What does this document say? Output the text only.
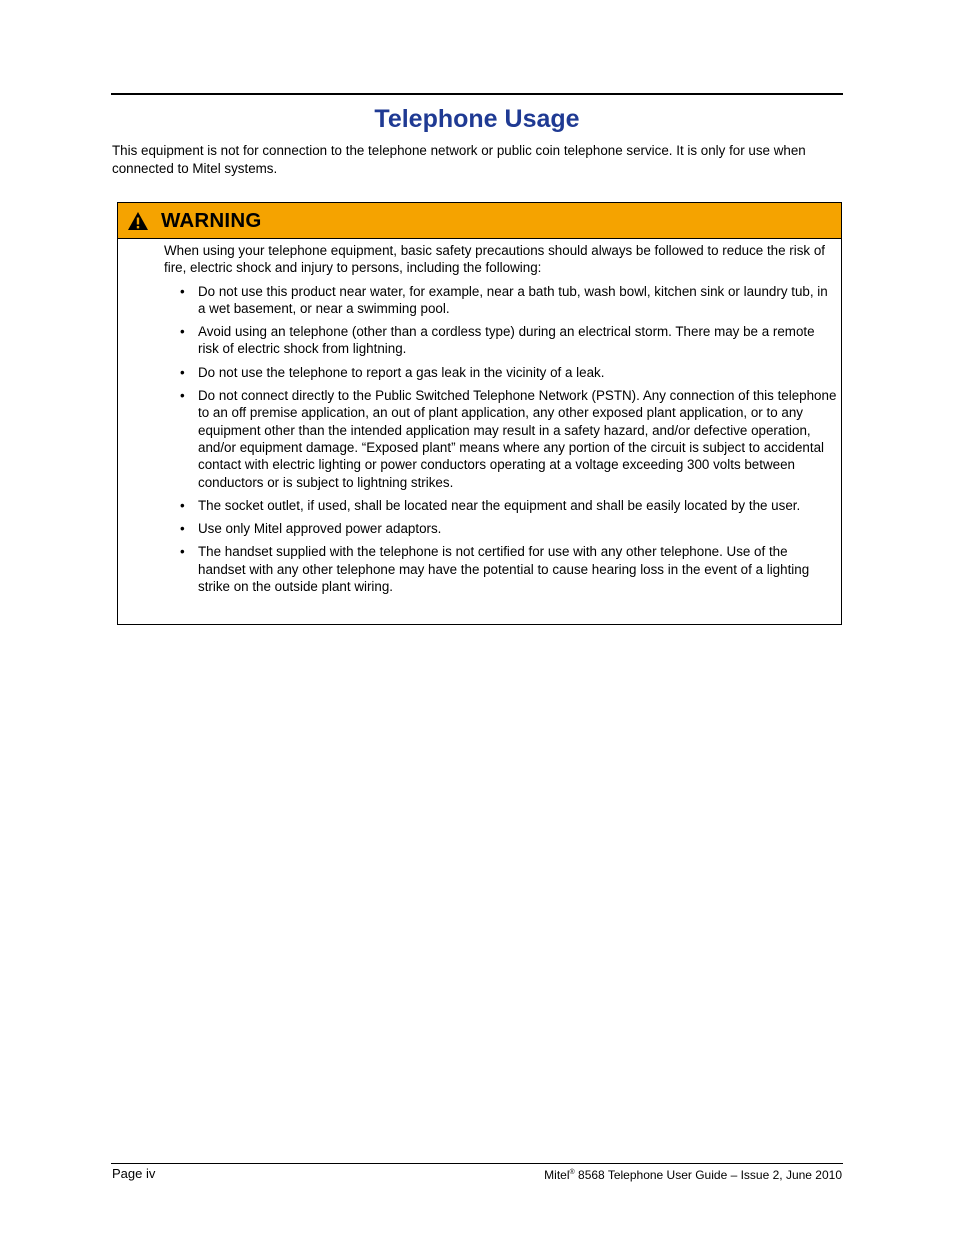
Telephone Usage

This equipment is not for connection to the telephone network or public coin telephone service. It is only for use when connected to Mitel systems.

WARNING

When using your telephone equipment, basic safety precautions should always be followed to reduce the risk of fire, electric shock and injury to persons, including the following:

• Do not use this product near water, for example, near a bath tub, wash bowl, kitchen sink or laundry tub, in a wet basement, or near a swimming pool.
• Avoid using an telephone (other than a cordless type) during an electrical storm. There may be a remote risk of electric shock from lightning.
• Do not use the telephone to report a gas leak in the vicinity of a leak.
• Do not connect directly to the Public Switched Telephone Network (PSTN). Any connection of this telephone to an off premise application, an out of plant application, any other exposed plant application, or to any equipment other than the intended application may result in a safety hazard, and/or defective operation, and/or equipment damage. “Exposed plant” means where any portion of the circuit is subject to accidental contact with electric lighting or power conductors operating at a voltage exceeding 300 volts between conductors or is subject to lightning strikes.
• The socket outlet, if used, shall be located near the equipment and shall be easily located by the user.
• Use only Mitel approved power adaptors.
• The handset supplied with the telephone is not certified for use with any other telephone. Use of the handset with any other telephone may have the potential to cause hearing loss in the event of a lighting strike on the outside plant wiring.
Page iv	Mitel® 8568 Telephone User Guide – Issue 2, June 2010
